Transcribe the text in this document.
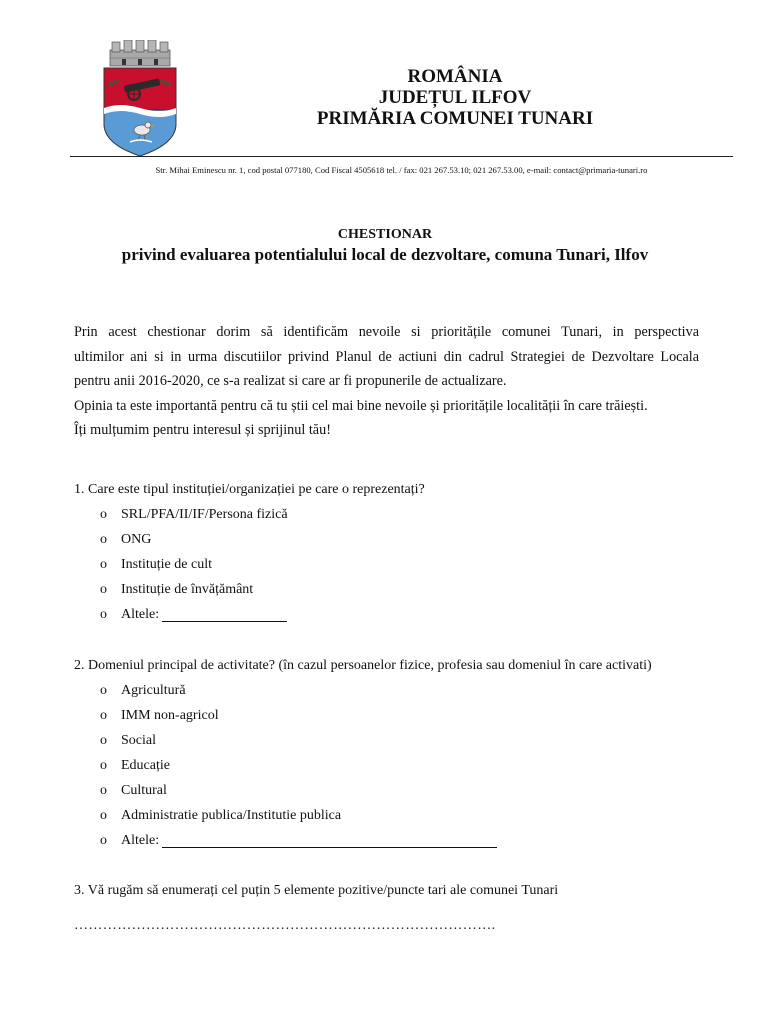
ROMÂNIA
JUDEȚUL ILFOV
PRIMĂRIA COMUNEI TUNARI
Str. Mihai Eminescu nr. 1, cod postal 077180, Cod Fiscal 4505618 tel. / fax: 021 267.53.10; 021 267.53.00, e-mail: contact@primaria-tunari.ro
CHESTIONAR
privind evaluarea potentialului local de dezvoltare, comuna Tunari, Ilfov
Prin acest chestionar dorim să identificăm nevoile si prioritățile comunei Tunari, in perspectiva
ultimilor ani si in urma discutiilor privind Planul de actiuni din cadrul Strategiei de Dezvoltare Locala
pentru anii 2016-2020, ce s-a realizat si care ar fi propunerile de actualizare.
Opinia ta este importantă pentru că tu știi cel mai bine nevoile și prioritățile localității în care trăiești.
Îți mulțumim pentru interesul și sprijinul tău!
1. Care este tipul instituției/organizației pe care o reprezentați?
o	SRL/PFA/II/IF/Persona fizică
o	ONG
o	Instituție de cult
o	Instituție de învățământ
o	Altele:
2. Domeniul principal de activitate? (în cazul persoanelor fizice, profesia sau domeniul în care activati)
o	Agricultură
o	IMM non-agricol
o	Social
o	Educație
o	Cultural
o	Administratie publica/Institutie publica
o	Altele:
3. Vă rugăm să enumerați cel puțin 5 elemente pozitive/puncte tari ale comunei Tunari
…………………………………………………………………………….
